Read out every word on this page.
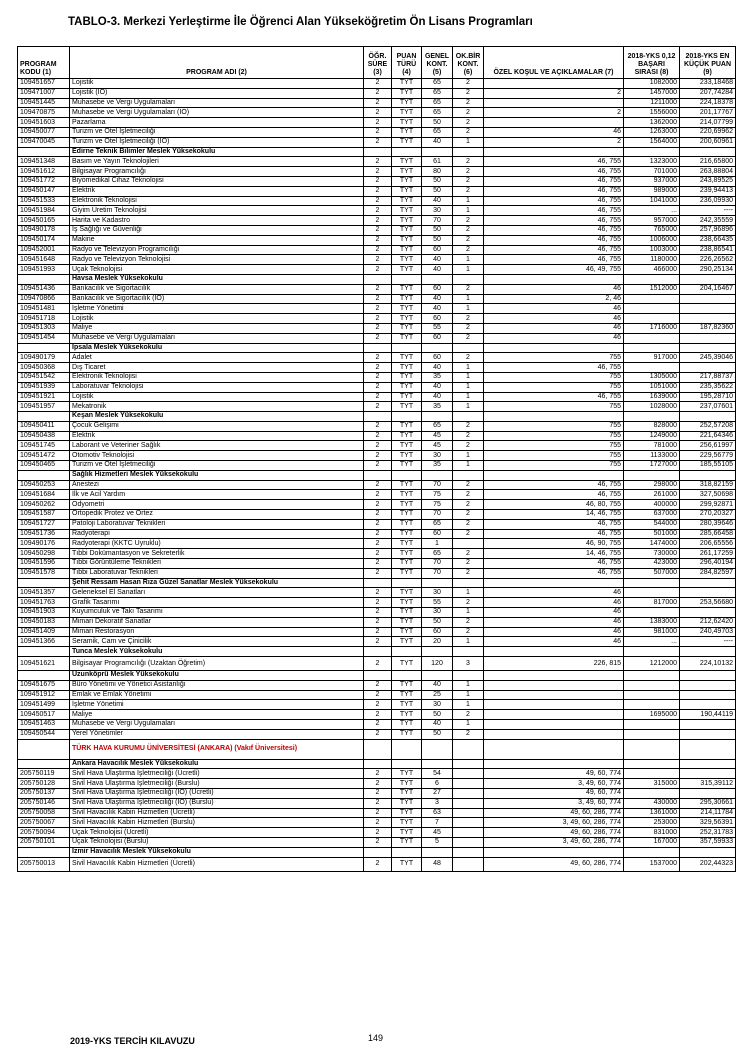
TABLO-3. Merkezi Yerleştirme İle Öğrenci Alan Yükseköğretim Ön Lisans Programları
PROGRAM KODU (1)	PROGRAM ADI (2)	ÖĞR. SÜRE (3)	PUAN TÜRÜ (4)	GENEL KONT. (5)	OK.BİR KONT. (6)	ÖZEL KOŞUL VE AÇIKLAMALAR (7)	2018-YKS 0,12 BAŞARI SIRASI (8)	2018-YKS EN KÜÇÜK PUAN (9)
109451657	Lojistik	2	TYT	65	2		1082000	233,18468
109471007	Lojistik (İÖ)	2	TYT	65	2	2	1457000	207,74284
109451445	Muhasebe ve Vergi Uygulamaları	2	TYT	65	2		1211000	224,18378
109470875	Muhasebe ve Vergi Uygulamaları (İÖ)	2	TYT	65	2	2	1556000	201,17767
109451603	Pazarlama	2	TYT	50	2		1362000	214,07799
109450077	Turizm ve Otel İşletmeciliği	2	TYT	65	2	46	1263000	220,69962
109470045	Turizm ve Otel İşletmeciliği (İÖ)	2	TYT	40	1	2	1564000	200,60961
	Edirne Teknik Bilimler Meslek Yüksekokulu							
109451348	Basım ve Yayın Teknolojileri	2	TYT	61	2	46, 755	1323000	216,65800
109451612	Bilgisayar Programcılığı	2	TYT	80	2	46, 755	701000	263,88804
109451772	Biyomedikal Cihaz Teknolojisi	2	TYT	50	2	46, 755	937000	243,89525
109450147	Elektrik	2	TYT	50	2	46, 755	989000	239,94413
109451533	Elektronik Teknolojisi	2	TYT	40	1	46, 755	1041000	236,09930
109451984	Giyim Üretim Teknolojisi	2	TYT	30	1	46, 755	...	----
109450165	Harita ve Kadastro	2	TYT	70	2	46, 755	957000	242,35559
109490178	İş Sağlığı ve Güvenliği	2	TYT	50	2	46, 755	765000	257,96896
109450174	Makine	2	TYT	50	2	46, 755	1006000	238,66435
109452001	Radyo ve Televizyon Programcılığı	2	TYT	60	2	46, 755	1003000	238,86541
109451648	Radyo ve Televizyon Teknolojisi	2	TYT	40	1	46, 755	1180000	226,26562
109451993	Uçak Teknolojisi	2	TYT	40	1	46, 49, 755	466000	290,25134
	Havsa Meslek Yüksekokulu							
109451436	Bankacılık ve Sigortacılık	2	TYT	60	2	46	1512000	204,16467
109470866	Bankacılık ve Sigortacılık (İÖ)	2	TYT	40	1	2, 46		
109451481	İşletme Yönetimi	2	TYT	40	1	46		
109451718	Lojistik	2	TYT	60	2	46		
109451303	Maliye	2	TYT	55	2	46	1716000	187,82360
109451454	Muhasebe ve Vergi Uygulamaları	2	TYT	60	2	46		
	İpsala Meslek Yüksekokulu							
109490179	Adalet	2	TYT	60	2	755	917000	245,39046
109450368	Dış Ticaret	2	TYT	40	1	46, 755		
109451542	Elektronik Teknolojisi	2	TYT	35	1	755	1305000	217,88737
109451939	Laboratuvar Teknolojisi	2	TYT	40	1	755	1051000	235,35622
109451921	Lojistik	2	TYT	40	1	46, 755	1639000	195,28710
109451957	Mekatronik	2	TYT	35	1	755	1028000	237,07601
	Keşan Meslek Yüksekokulu							
109450411	Çocuk Gelişimi	2	TYT	65	2	755	828000	252,57208
109450438	Elektrik	2	TYT	45	2	755	1249000	221,64346
109451745	Laborant ve Veteriner Sağlık	2	TYT	45	2	755	781000	256,61997
109451472	Otomotiv Teknolojisi	2	TYT	30	1	755	1133000	229,56779
109450465	Turizm ve Otel İşletmeciliği	2	TYT	35	1	755	1727000	185,55105
	Sağlık Hizmetleri Meslek Yüksekokulu							
109450253	Anestezi	2	TYT	70	2	46, 755	298000	318,82159
109451684	İlk ve Acil Yardım	2	TYT	75	2	46, 755	261000	327,50698
109450262	Odyometri	2	TYT	75	2	46, 80, 755	400000	299,92871
109451587	Ortopedik Protez ve Ortez	2	TYT	70	2	14, 46, 755	637000	270,20327
109451727	Patoloji Laboratuvar Teknikleri	2	TYT	65	2	46, 755	544000	280,39646
109451736	Radyoterapi	2	TYT	60	2	46, 755	501000	285,66458
109490176	Radyoterapi (KKTC Uyruklu)	2	TYT	1		46, 90, 755	1474000	206,65556
109450298	Tıbbi Dokümantasyon ve Sekreterlik	2	TYT	65	2	14, 46, 755	730000	261,17259
109451596	Tıbbi Görüntüleme Teknikleri	2	TYT	70	2	46, 755	423000	296,40194
109451578	Tıbbi Laboratuvar Teknikleri	2	TYT	70	2	46, 755	507000	284,82597
	Şehit Ressam Hasan Rıza Güzel Sanatlar Meslek Yüksekokulu							
109451357	Geleneksel El Sanatları	2	TYT	30	1	46		
109451763	Grafik Tasarımı	2	TYT	55	2	46	817000	253,56680
109451903	Kuyumculuk ve Takı Tasarımı	2	TYT	30	1	46		
109450183	Mimari Dekoratif Sanatlar	2	TYT	50	2	46	1383000	212,62420
109451409	Mimari Restorasyon	2	TYT	60	2	46	981000	240,49703
109451366	Seramik, Cam ve Çinicilik	2	TYT	20	1	46	...	----
	Tunca Meslek Yüksekokulu							
109451621	Bilgisayar Programcılığı (Uzaktan Öğretim)	2	TYT	120	3	226, 815	1212000	224,10132
	Uzunköprü Meslek Yüksekokulu							
109451675	Büro Yönetimi ve Yönetici Asistanlığı	2	TYT	40	1			
109451912	Emlak ve Emlak Yönetimi	2	TYT	25	1			
109451499	İşletme Yönetimi	2	TYT	30	1			
109450517	Maliye	2	TYT	50	2		1695000	190,44119
109451463	Muhasebe ve Vergi Uygulamaları	2	TYT	40	1			
109450544	Yerel Yönetimler	2	TYT	50	2			
	TÜRK HAVA KURUMU ÜNİVERSİTESİ (ANKARA) (Vakıf Üniversitesi)							
	Ankara Havacılık Meslek Yüksekokulu							
205750119	Sivil Hava Ulaştırma İşletmeciliği (Ücretli)	2	TYT	54		49, 60, 774		
205750128	Sivil Hava Ulaştırma İşletmeciliği (Burslu)	2	TYT	6		3, 49, 60, 774	315000	315,39112
205750137	Sivil Hava Ulaştırma İşletmeciliği (İÖ) (Ücretli)	2	TYT	27		49, 60, 774		
205750146	Sivil Hava Ulaştırma İşletmeciliği (İÖ) (Burslu)	2	TYT	3		3, 49, 60, 774	430000	295,30661
205750058	Sivil Havacılık Kabin Hizmetleri (Ücretli)	2	TYT	63		49, 60, 286, 774	1361000	214,11784
205750067	Sivil Havacılık Kabin Hizmetleri (Burslu)	2	TYT	7		3, 49, 60, 286, 774	253000	329,56391
205750094	Uçak Teknolojisi (Ücretli)	2	TYT	45		49, 60, 286, 774	831000	252,31783
205750101	Uçak Teknolojisi (Burslu)	2	TYT	5		3, 49, 60, 286, 774	167000	357,59933
	İzmir Havacılık Meslek Yüksekokulu							
205750013	Sivil Havacılık Kabin Hizmetleri (Ücretli)	2	TYT	48		49, 60, 286, 774	1537000	202,44323
2019-YKS TERCİH KILAVUZU	149
